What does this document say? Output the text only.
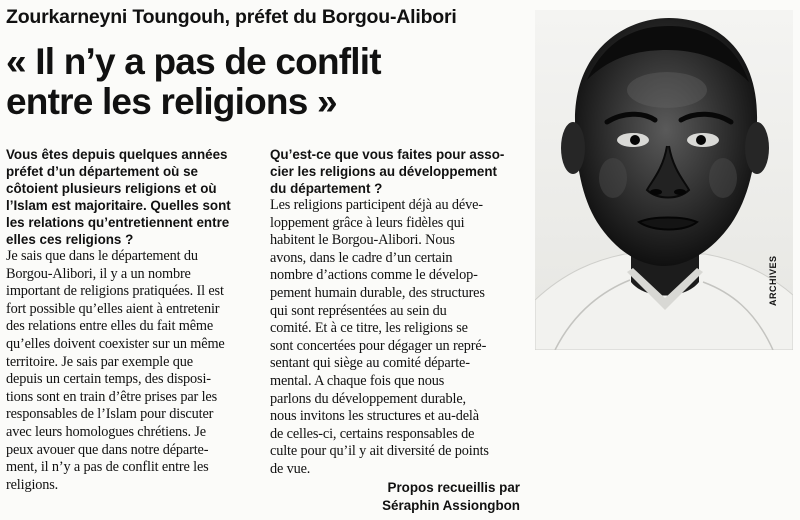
Zourkarneyni Toungouh, préfet du Borgou-Alibori
« Il n’y a pas de conflit
entre les religions »
Vous êtes depuis quelques années
préfet d’un département où se
côtoient plusieurs religions et où
l’Islam est majoritaire. Quelles sont
les relations qu’entretiennent entre
elles ces religions ?
Je sais que dans le département du
Borgou-Alibori, il y a un nombre
important de religions pratiquées. Il est
fort possible qu’elles aient à entretenir
des relations entre elles du fait même
qu’elles doivent coexister sur un même
territoire. Je sais par exemple que
depuis un certain temps, des disposi-
tions sont en train d’être prises par les
responsables de l’Islam pour discuter
avec leurs homologues chrétiens. Je
peux avouer que dans notre départe-
ment, il n’y a pas de conflit entre les
religions.
Qu’est-ce que vous faites pour asso-
cier les religions au développement
du département ?
Les religions participent déjà au déve-
loppement grâce à leurs fidèles qui
habitent le Borgou-Alibori. Nous
avons, dans le cadre d’un certain
nombre d’actions comme le dévelop-
pement humain durable, des structures
qui sont représentées au sein du
comité. Et à ce titre, les religions se
sont concertées pour dégager un repré-
sentant qui siège au comité départe-
mental. A chaque fois que nous
parlons du développement durable,
nous invitons les structures et au-delà
de celles-ci, certains responsables de
culte pour qu’il y ait diversité de points
de vue.
Propos recueillis par
Séraphin Assiongbon
ARCHIVES
